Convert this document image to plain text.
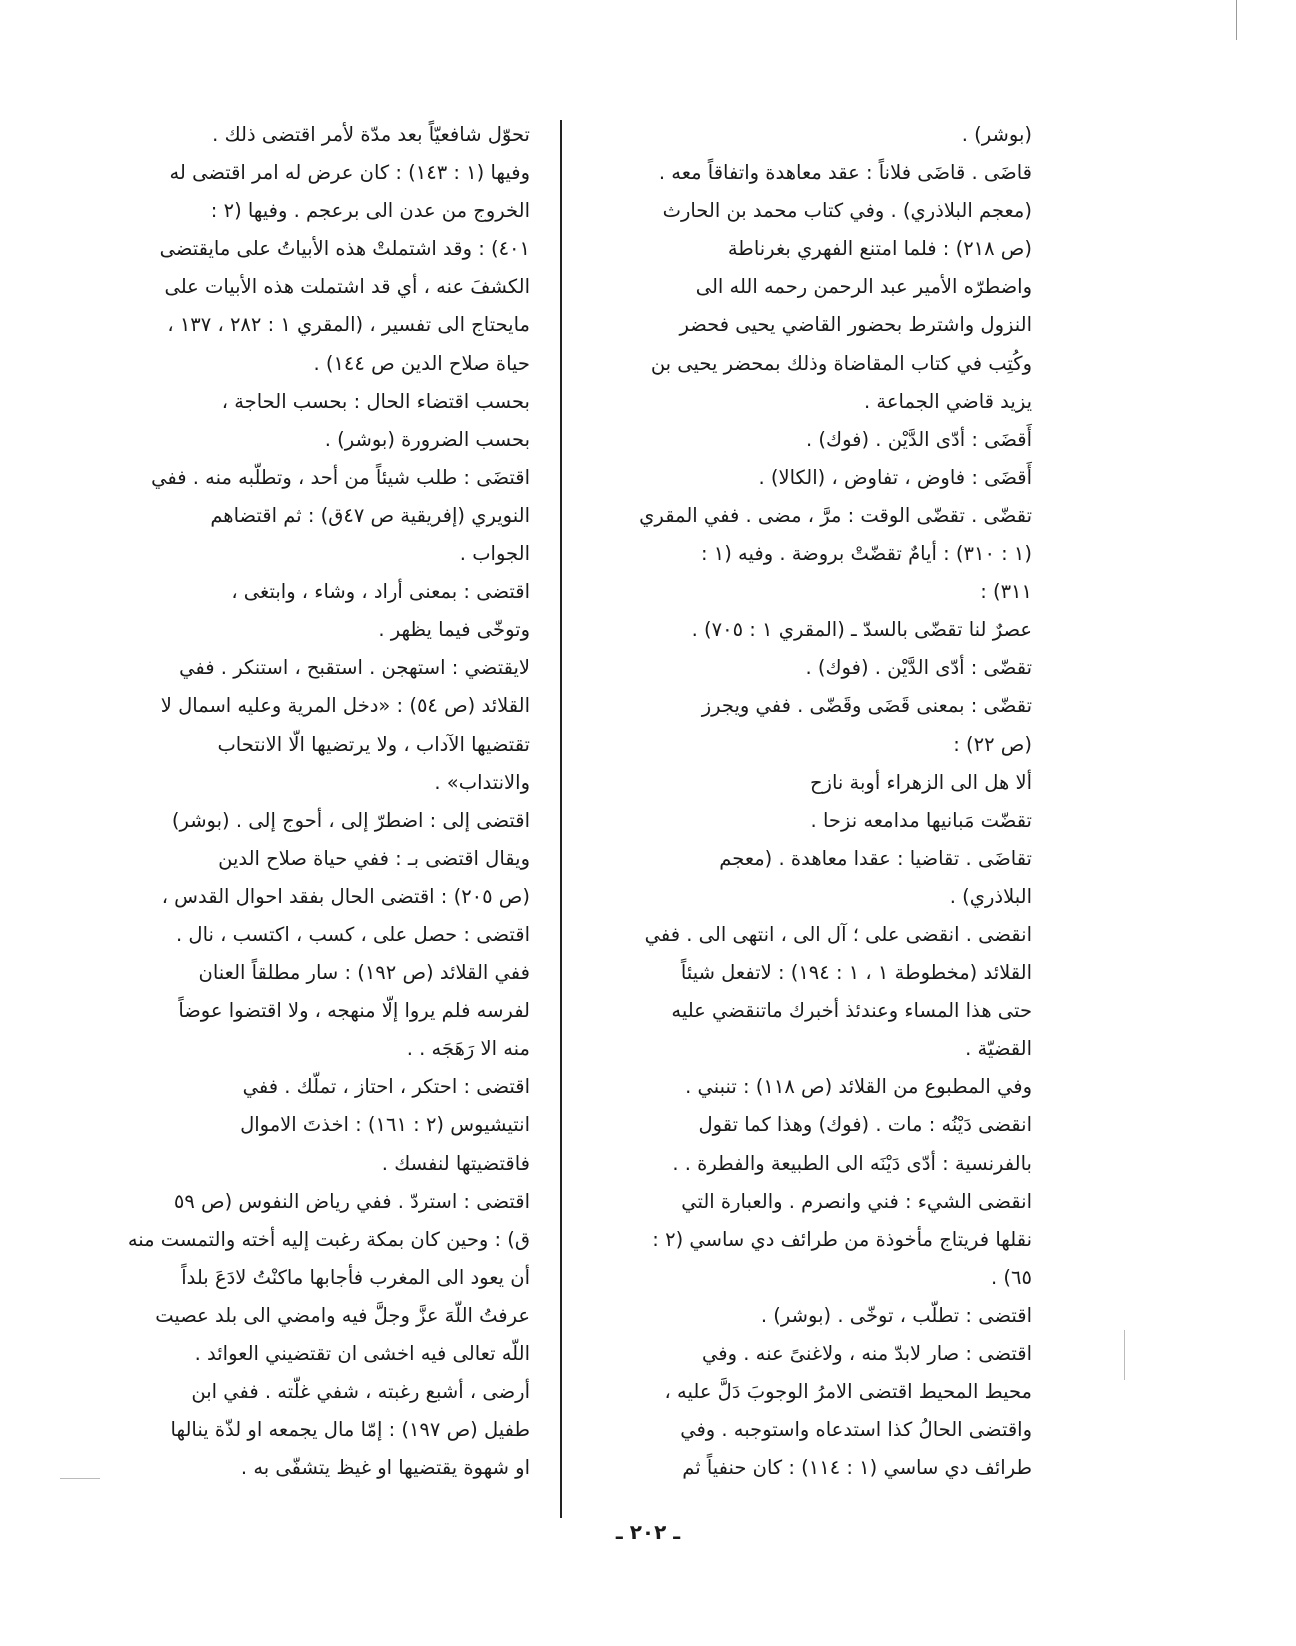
(بوشر) .

قاضَى . قاضَى فلاناً : عقد معاهدة واتفاقاً معه .

(معجم البلاذري) . وفي كتاب محمد بن الحارث

(ص ٢١٨) : فلما امتنع الفهري بغرناطة

واضطرّه الأمير عبد الرحمن رحمه الله الى

النزول واشترط بحضور القاضي يحيى فحضر

وكُتِب في كتاب المقاضاة وذلك بمحضر يحيى بن

يزيد قاضي الجماعة .

أَقضَى : أدّى الدَّيْن . (فوك) .

أَقضَى : فاوض ، تفاوض ، (الكالا) .

تقضّى . تقضّى الوقت : مرَّ ، مضى . ففي المقري

(١ : ٣١٠) : أيامٌ تقضّتْ بروضة . وفيه (١ :

٣١١) :

عصرٌ لنا تقضّى بالسدّ ـ (المقري ١ : ٧٠٥) .

تقضّى : أدّى الدَّيْن . (فوك) .

تقضّى : بمعنى قَضَى وقَضّى . ففي ويجرز

(ص ٢٢) :

ألا هل الى الزهراء أوبة نازح

تقضّت مَبانيها مدامعه نزحا .

تقاضَى . تقاضيا : عقدا معاهدة . (معجم

البلاذري) .

انقضى . انقضى على ؛ آل الى ، انتهى الى . ففي

القلائد (مخطوطة ١ ، ١ : ١٩٤) : لاتفعل شيئاً

حتى هذا المساء وعندئذ أخبرك ماتنقضي عليه

القضيّة .

وفي المطبوع من القلائد (ص ١١٨) : تنبني .

انقضى دَيْنُه : مات . (فوك) وهذا كما تقول

بالفرنسية : أدّى دَيْنَه الى الطبيعة والفطرة . .

انقضى الشيء : فني وانصرم . والعبارة التي

نقلها فريتاج مأخوذة من طرائف دي ساسي (٢ :

٦٥) .

اقتضى : تطلّب ، توخّى . (بوشر) .

اقتضى : صار لابدّ منه ، ولاغنىً عنه . وفي

محيط المحيط اقتضى الامرُ الوجوبَ دَلَّ عليه ،

واقتضى الحالُ كذا استدعاه واستوجبه . وفي

طرائف دي ساسي (١ : ١١٤) : كان حنفياً ثم

تحوّل شافعيّاً بعد مدّة لأمر اقتضى ذلك .

وفيها (١ : ١٤٣) : كان عرض له امر اقتضى له

الخروج من عدن الى برعجم . وفيها (٢ :

٤٠١) : وقد اشتملتْ هذه الأبياتُ على مايقتضى

الكشفَ عنه ، أي قد اشتملت هذه الأبيات على

مايحتاج الى تفسير ، (المقري ١ : ٢٨٢ ، ١٣٧ ،

حياة صلاح الدين ص ١٤٤) .

بحسب اقتضاء الحال : بحسب الحاجة ،

بحسب الضرورة (بوشر) .

اقتضَى : طلب شيئاً من أحد ، وتطلّبه منه . ففي

النويري (إفريقية ص ٤٧ق) : ثم اقتضاهم

الجواب .

اقتضى : بمعنى أراد ، وشاء ، وابتغى ،

وتوخّى فيما يظهر .

لايقتضي : استهجن . استقبح ، استنكر . ففي

القلائد (ص ٥٤) : «دخل المرية وعليه اسمال لا

تقتضيها الآداب ، ولا يرتضيها الّا الانتحاب

والانتداب» .

اقتضى إلى : اضطرّ إلى ، أحوج إلى . (بوشر)

ويقال اقتضى بـ : ففي حياة صلاح الدين

(ص ٢٠٥) : اقتضى الحال بفقد احوال القدس ،

اقتضى : حصل على ، كسب ، اكتسب ، نال .

ففي القلائد (ص ١٩٢) : سار مطلقاً العنان

لفرسه فلم يروا إلّا منهجه ، ولا اقتضوا عوضاً

منه الا رَهَجَه . .

اقتضى : احتكر ، احتاز ، تملّك . ففي

انتيشيوس (٢ : ١٦١) : اخذتَ الاموال

فاقتضيتها لنفسك .

اقتضى : استردّ . ففي رياض النفوس (ص ٥٩

ق) : وحين كان بمكة رغبت إليه أخته والتمست منه

أن يعود الى المغرب فأجابها ماكنْتُ لادَعَ بلداً

عرفتُ اللّهَ عزَّ وجلَّ فيه وامضي الى بلد عصيت

اللّه تعالى فيه اخشى ان تقتضيني العوائد .

أرضى ، أشبع رغبته ، شفي غلّته . ففي ابن

طفيل (ص ١٩٧) : إمّا مال يجمعه او لذّة ينالها

او شهوة يقتضيها او غيظ يتشفّى به .

ـ ٢٠٢ ـ
